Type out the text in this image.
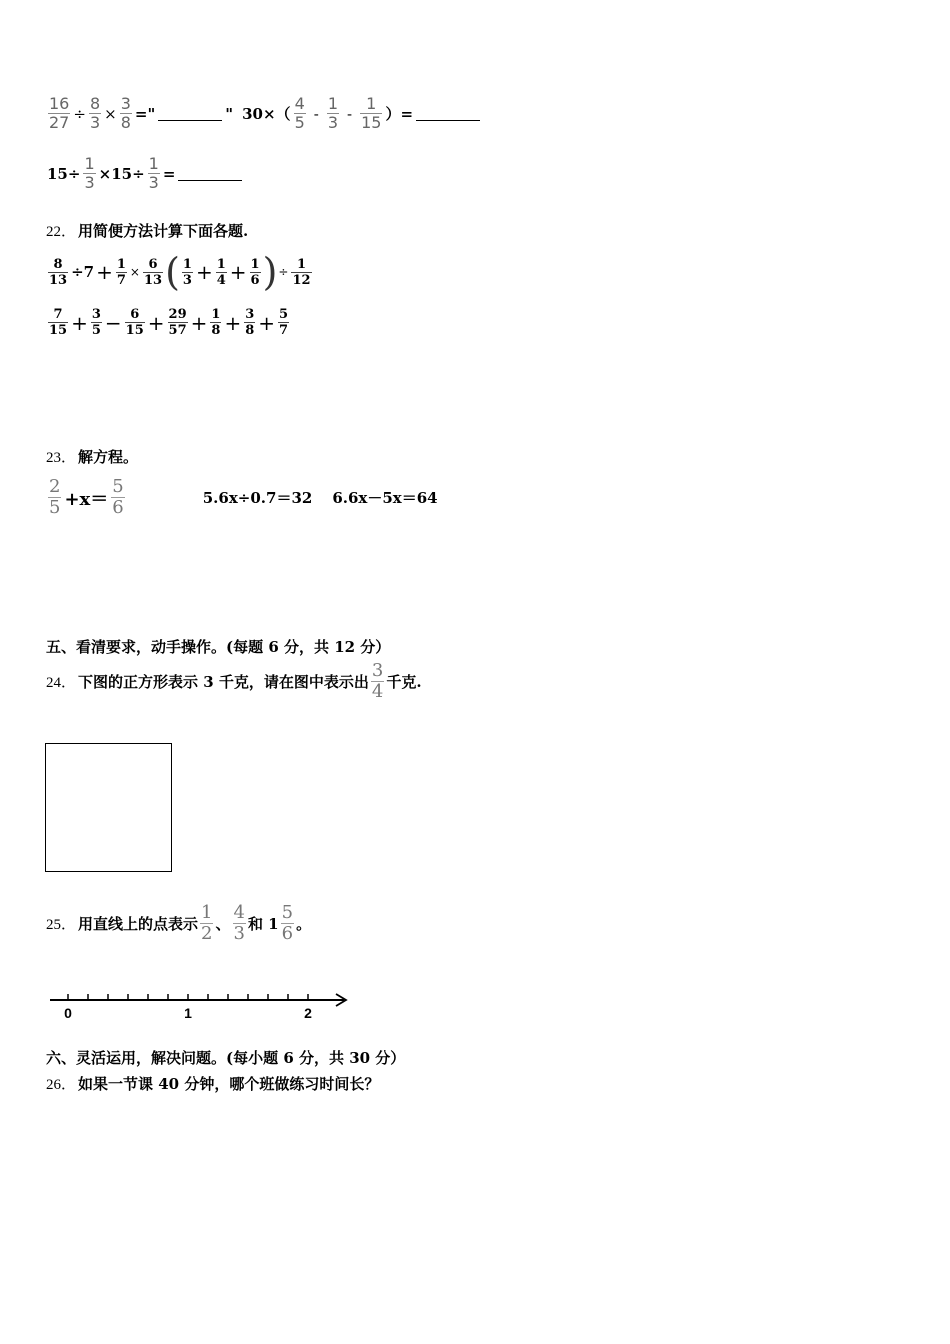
$\frac{16}{27} \div \frac{8}{3} \times \frac{3}{8}$ ="	" $30\times( \frac{4}{5} - \frac{1}{3} - \frac{1}{15}$ ）=
$15\div \frac{1}{3} \times 15\div \frac{1}{3}$ =
22． 用简便方法计算下面各题.
$\frac{8}{13} \div 7 + \frac{1}{7} \times \frac{6}{13}$ ( $\frac{1}{3} + \frac{1}{4} + \frac{1}{6}$ ) ÷ $\frac{1}{12}$
$\frac{7}{15} + \frac{3}{5} - \frac{6}{15} + \frac{29}{57} + \frac{1}{8} + \frac{3}{8} + \frac{5}{7}$
23． 解方程。
$\frac{2}{5} +x= \frac{5}{6}$	5.6x÷0.7＝32 6.6x－5x＝64
五、看清要求，动手操作。(每题 6 分，共 12 分）
24． 下图的正方形表示 3 千克，请在图中表示出 $\frac{3}{4}$ 千克.
25． 用直线上的点表示 $\frac{1}{2}$ 、 $\frac{4}{3}$ 和 $1 \frac{5}{6}$ 。
0	1	2
六、灵活运用，解决问题。(每小题 6 分，共 30 分）
26． 如果一节课 40 分钟，哪个班做练习时间长？
